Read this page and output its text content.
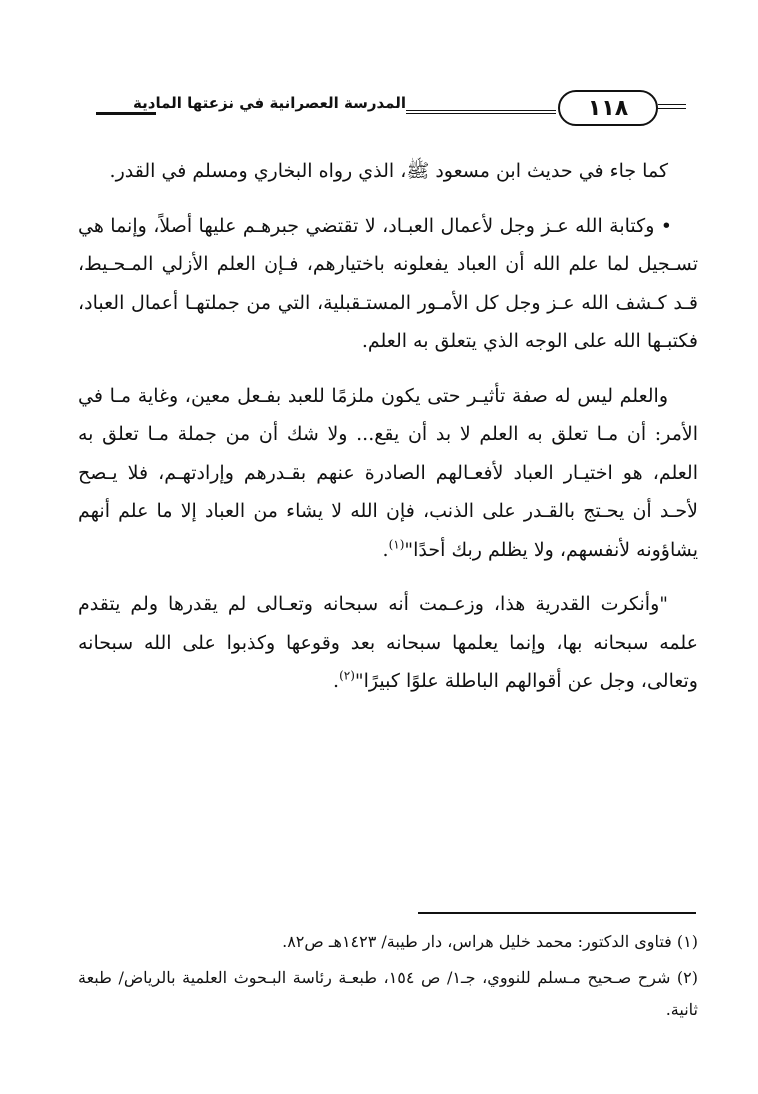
المدرسة العصرانية في نزعتها المادية	١١٨

كما جاء في حديث ابن مسعود ﷺ، الذي رواه البخاري ومسلم في القدر.

• وكتابة الله عـز وجل لأعمال العبـاد، لا تقتضي جبرهـم عليها أصلاً، وإنما هي تسـجيل لما علم الله أن العباد يفعلونه باختيارهم، فـإن العلم الأزلي المـحـيط، قـد كـشف الله عـز وجل كل الأمـور المستـقبلية، التي من جملتهـا أعمال العباد، فكتبـها الله على الوجه الذي يتعلق به العلم.

والعلم ليس له صفة تأثيـر حتى يكون ملزمًا للعبد بفـعل معين، وغاية مـا في الأمر: أن مـا تعلق به العلم لا بد أن يقع... ولا شك أن من جملة مـا تعلق به العلم، هو اختيـار العباد لأفعـالهم الصادرة عنهم بقـدرهم وإرادتهـم، فلا يـصح لأحـد أن يحـتج بالقـدر على الذنب، فإن الله لا يشاء من العباد إلا ما علم أنهم يشاؤونه لأنفسهم، ولا يظلم ربك أحدًا"$^{(١)}$.

"وأنكرت القدرية هذا، وزعـمت أنه سبحانه وتعـالى لم يقدرها ولم يتقدم علمه سبحانه بها، وإنما يعلمها سبحانه بعد وقوعها وكذبوا على الله سبحانه وتعالى، وجل عن أقوالهم الباطلة علوًا كبيرًا"$^{(٢)}$.

(١) فتاوى الدكتور: محمد خليل هراس، دار طيبة/ ١٤٢٣هـ ص٨٢.

(٢) شرح صـحيح مـسلم للنووي، جـ١/ ص ١٥٤، طبعـة رئاسة البـحوث العلمية بالرياض/ طبعة ثانية.
